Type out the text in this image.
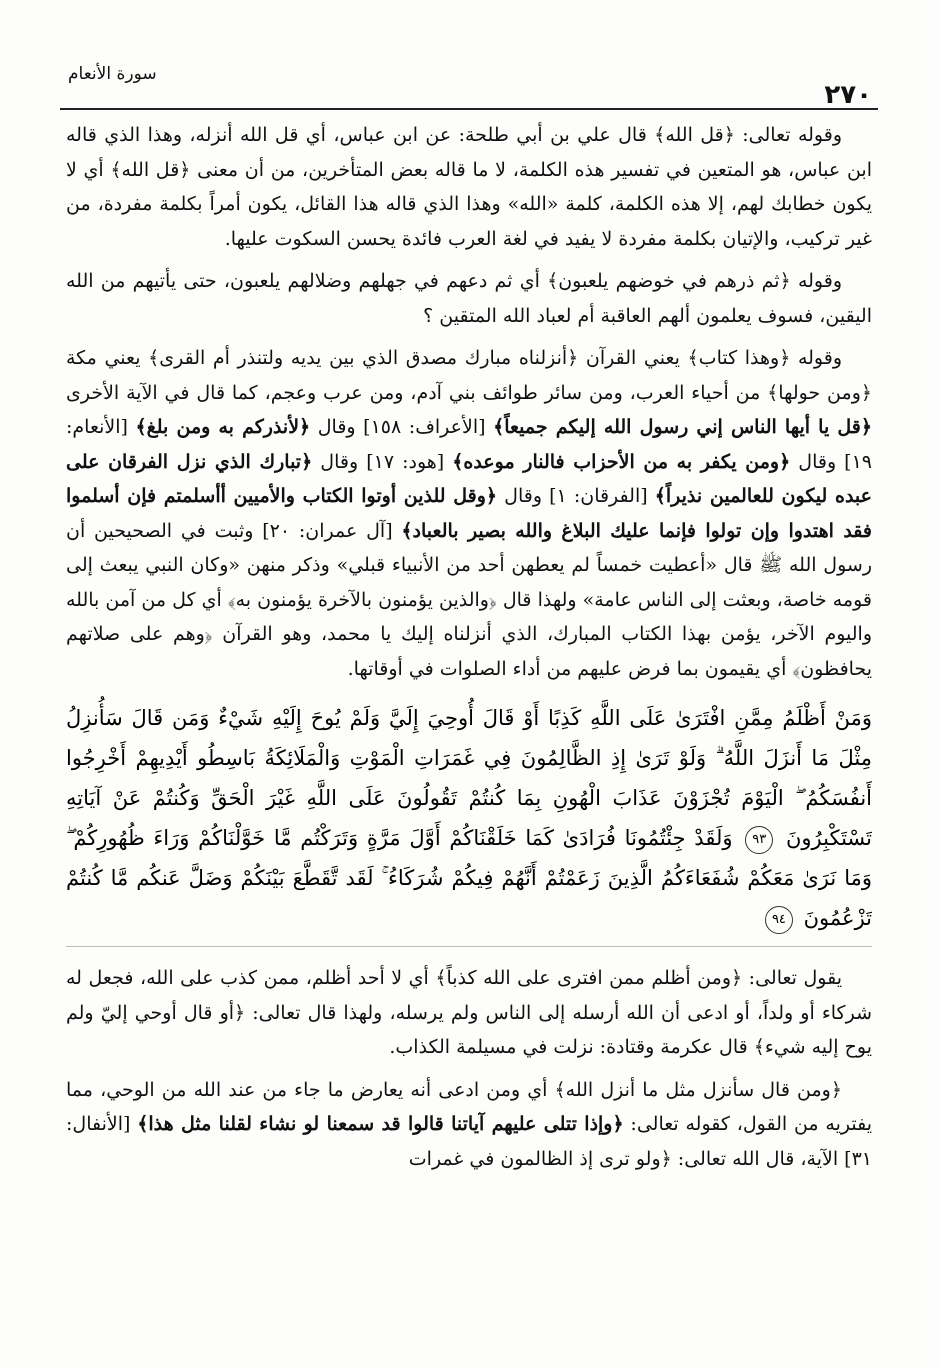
سورة الأنعام
٢٧٠

وقوله تعالى: ﴿قل الله﴾ قال علي بن أبي طلحة: عن ابن عباس، أي قل الله أنزله، وهذا الذي قاله ابن عباس، هو المتعين في تفسير هذه الكلمة، لا ما قاله بعض المتأخرين، من أن معنى ﴿قل الله﴾ أي لا يكون خطابك لهم، إلا هذه الكلمة، كلمة «الله» وهذا الذي قاله هذا القائل، يكون أمراً بكلمة مفردة، من غير تركيب، والإتيان بكلمة مفردة لا يفيد في لغة العرب فائدة يحسن السكوت عليها.

وقوله ﴿ثم ذرهم في خوضهم يلعبون﴾ أي ثم دعهم في جهلهم وضلالهم يلعبون، حتى يأتيهم من الله اليقين، فسوف يعلمون ألهم العاقبة أم لعباد الله المتقين ؟

وقوله ﴿وهذا كتاب﴾ يعني القرآن ﴿أنزلناه مبارك مصدق الذي بين يديه ولتنذر أم القرى﴾ يعني مكة ﴿ومن حولها﴾ من أحياء العرب، ومن سائر طوائف بني آدم، ومن عرب وعجم، كما قال في الآية الأخرى ﴿قل يا أيها الناس إني رسول الله إليكم جميعاً﴾ [الأعراف: ١٥٨] وقال ﴿لأنذركم به ومن بلغ﴾ [الأنعام: ١٩] وقال ﴿ومن يكفر به من الأحزاب فالنار موعده﴾ [هود: ١٧] وقال ﴿تبارك الذي نزل الفرقان على عبده ليكون للعالمين نذيراً﴾ [الفرقان: ١] وقال ﴿وقل للذين أوتوا الكتاب والأميين أأسلمتم فإن أسلموا فقد اهتدوا وإن تولوا فإنما عليك البلاغ والله بصير بالعباد﴾ [آل عمران: ٢٠] وثبت في الصحيحين أن رسول الله ﷺ قال «أعطيت خمساً لم يعطهن أحد من الأنبياء قبلي» وذكر منهن «وكان النبي يبعث إلى قومه خاصة، وبعثت إلى الناس عامة» ولهذا قال ﴿والذين يؤمنون بالآخرة يؤمنون به﴾ أي كل من آمن بالله واليوم الآخر، يؤمن بهذا الكتاب المبارك، الذي أنزلناه إليك يا محمد، وهو القرآن ﴿وهم على صلاتهم يحافظون﴾ أي يقيمون بما فرض عليهم من أداء الصلوات في أوقاتها.

وَمَنْ أَظْلَمُ مِمَّنِ افْتَرَىٰ عَلَى اللَّهِ كَذِبًا أَوْ قَالَ أُوحِيَ إِلَيَّ وَلَمْ يُوحَ إِلَيْهِ شَيْءٌ وَمَن قَالَ سَأُنزِلُ مِثْلَ مَا أَنزَلَ اللَّهُ ۗ وَلَوْ تَرَىٰ إِذِ الظَّالِمُونَ فِي غَمَرَاتِ الْمَوْتِ وَالْمَلَائِكَةُ بَاسِطُو أَيْدِيهِمْ أَخْرِجُوا أَنفُسَكُمُ ۖ الْيَوْمَ تُجْزَوْنَ عَذَابَ الْهُونِ بِمَا كُنتُمْ تَقُولُونَ عَلَى اللَّهِ غَيْرَ الْحَقِّ وَكُنتُمْ عَنْ آيَاتِهِ تَسْتَكْبِرُونَ ٩٣ وَلَقَدْ جِئْتُمُونَا فُرَادَىٰ كَمَا خَلَقْنَاكُمْ أَوَّلَ مَرَّةٍ وَتَرَكْتُم مَّا خَوَّلْنَاكُمْ وَرَاءَ ظُهُورِكُمْ ۖ وَمَا نَرَىٰ مَعَكُمْ شُفَعَاءَكُمُ الَّذِينَ زَعَمْتُمْ أَنَّهُمْ فِيكُمْ شُرَكَاءُ ۚ لَقَد تَّقَطَّعَ بَيْنَكُمْ وَضَلَّ عَنكُم مَّا كُنتُمْ تَزْعُمُونَ ٩٤

يقول تعالى: ﴿ومن أظلم ممن افترى على الله كذباً﴾ أي لا أحد أظلم، ممن كذب على الله، فجعل له شركاء أو ولداً، أو ادعى أن الله أرسله إلى الناس ولم يرسله، ولهذا قال تعالى: ﴿أو قال أوحي إليّ ولم يوح إليه شيء﴾ قال عكرمة وقتادة: نزلت في مسيلمة الكذاب.

﴿ومن قال سأنزل مثل ما أنزل الله﴾ أي ومن ادعى أنه يعارض ما جاء من عند الله من الوحي، مما يفتريه من القول، كقوله تعالى: ﴿وإذا تتلى عليهم آياتنا قالوا قد سمعنا لو نشاء لقلنا مثل هذا﴾ [الأنفال: ٣١] الآية، قال الله تعالى: ﴿ولو ترى إذ الظالمون في غمرات
